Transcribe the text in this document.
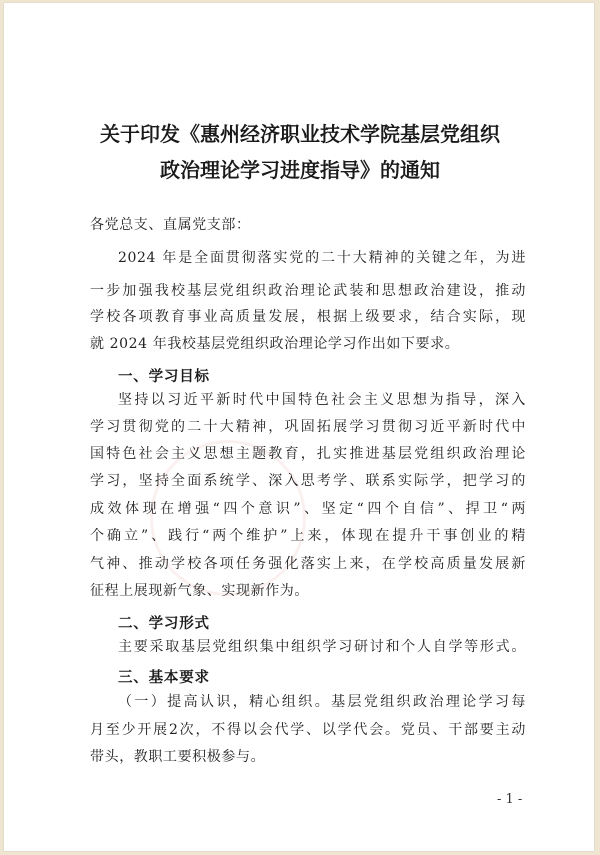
关于印发《惠州经济职业技术学院基层党组织
政治理论学习进度指导》的通知
各党总支、直属党支部：
2024 年是全面贯彻落实党的二十大精神的关键之年，为进
一步加强我校基层党组织政治理论武装和思想政治建设，推动
学校各项教育事业高质量发展，根据上级要求，结合实际，现
就 2024 年我校基层党组织政治理论学习作出如下要求。
一、学习目标
坚持以习近平新时代中国特色社会主义思想为指导，深入
学习贯彻党的二十大精神，巩固拓展学习贯彻习近平新时代中
国特色社会主义思想主题教育，扎实推进基层党组织政治理论
学习，坚持全面系统学、深入思考学、联系实际学，把学习的
成效体现在增强“四个意识”、坚定“四个自信”、捍卫“两
个确立”、践行“两个维护”上来，体现在提升干事创业的精
气神、推动学校各项任务强化落实上来，在学校高质量发展新
征程上展现新气象、实现新作为。
二、学习形式
主要采取基层党组织集中组织学习研讨和个人自学等形式。
三、基本要求
（一）提高认识，精心组织。基层党组织政治理论学习每
月至少开展2次，不得以会代学、以学代会。党员、干部要主动
带头，教职工要积极参与。
- 1 -
